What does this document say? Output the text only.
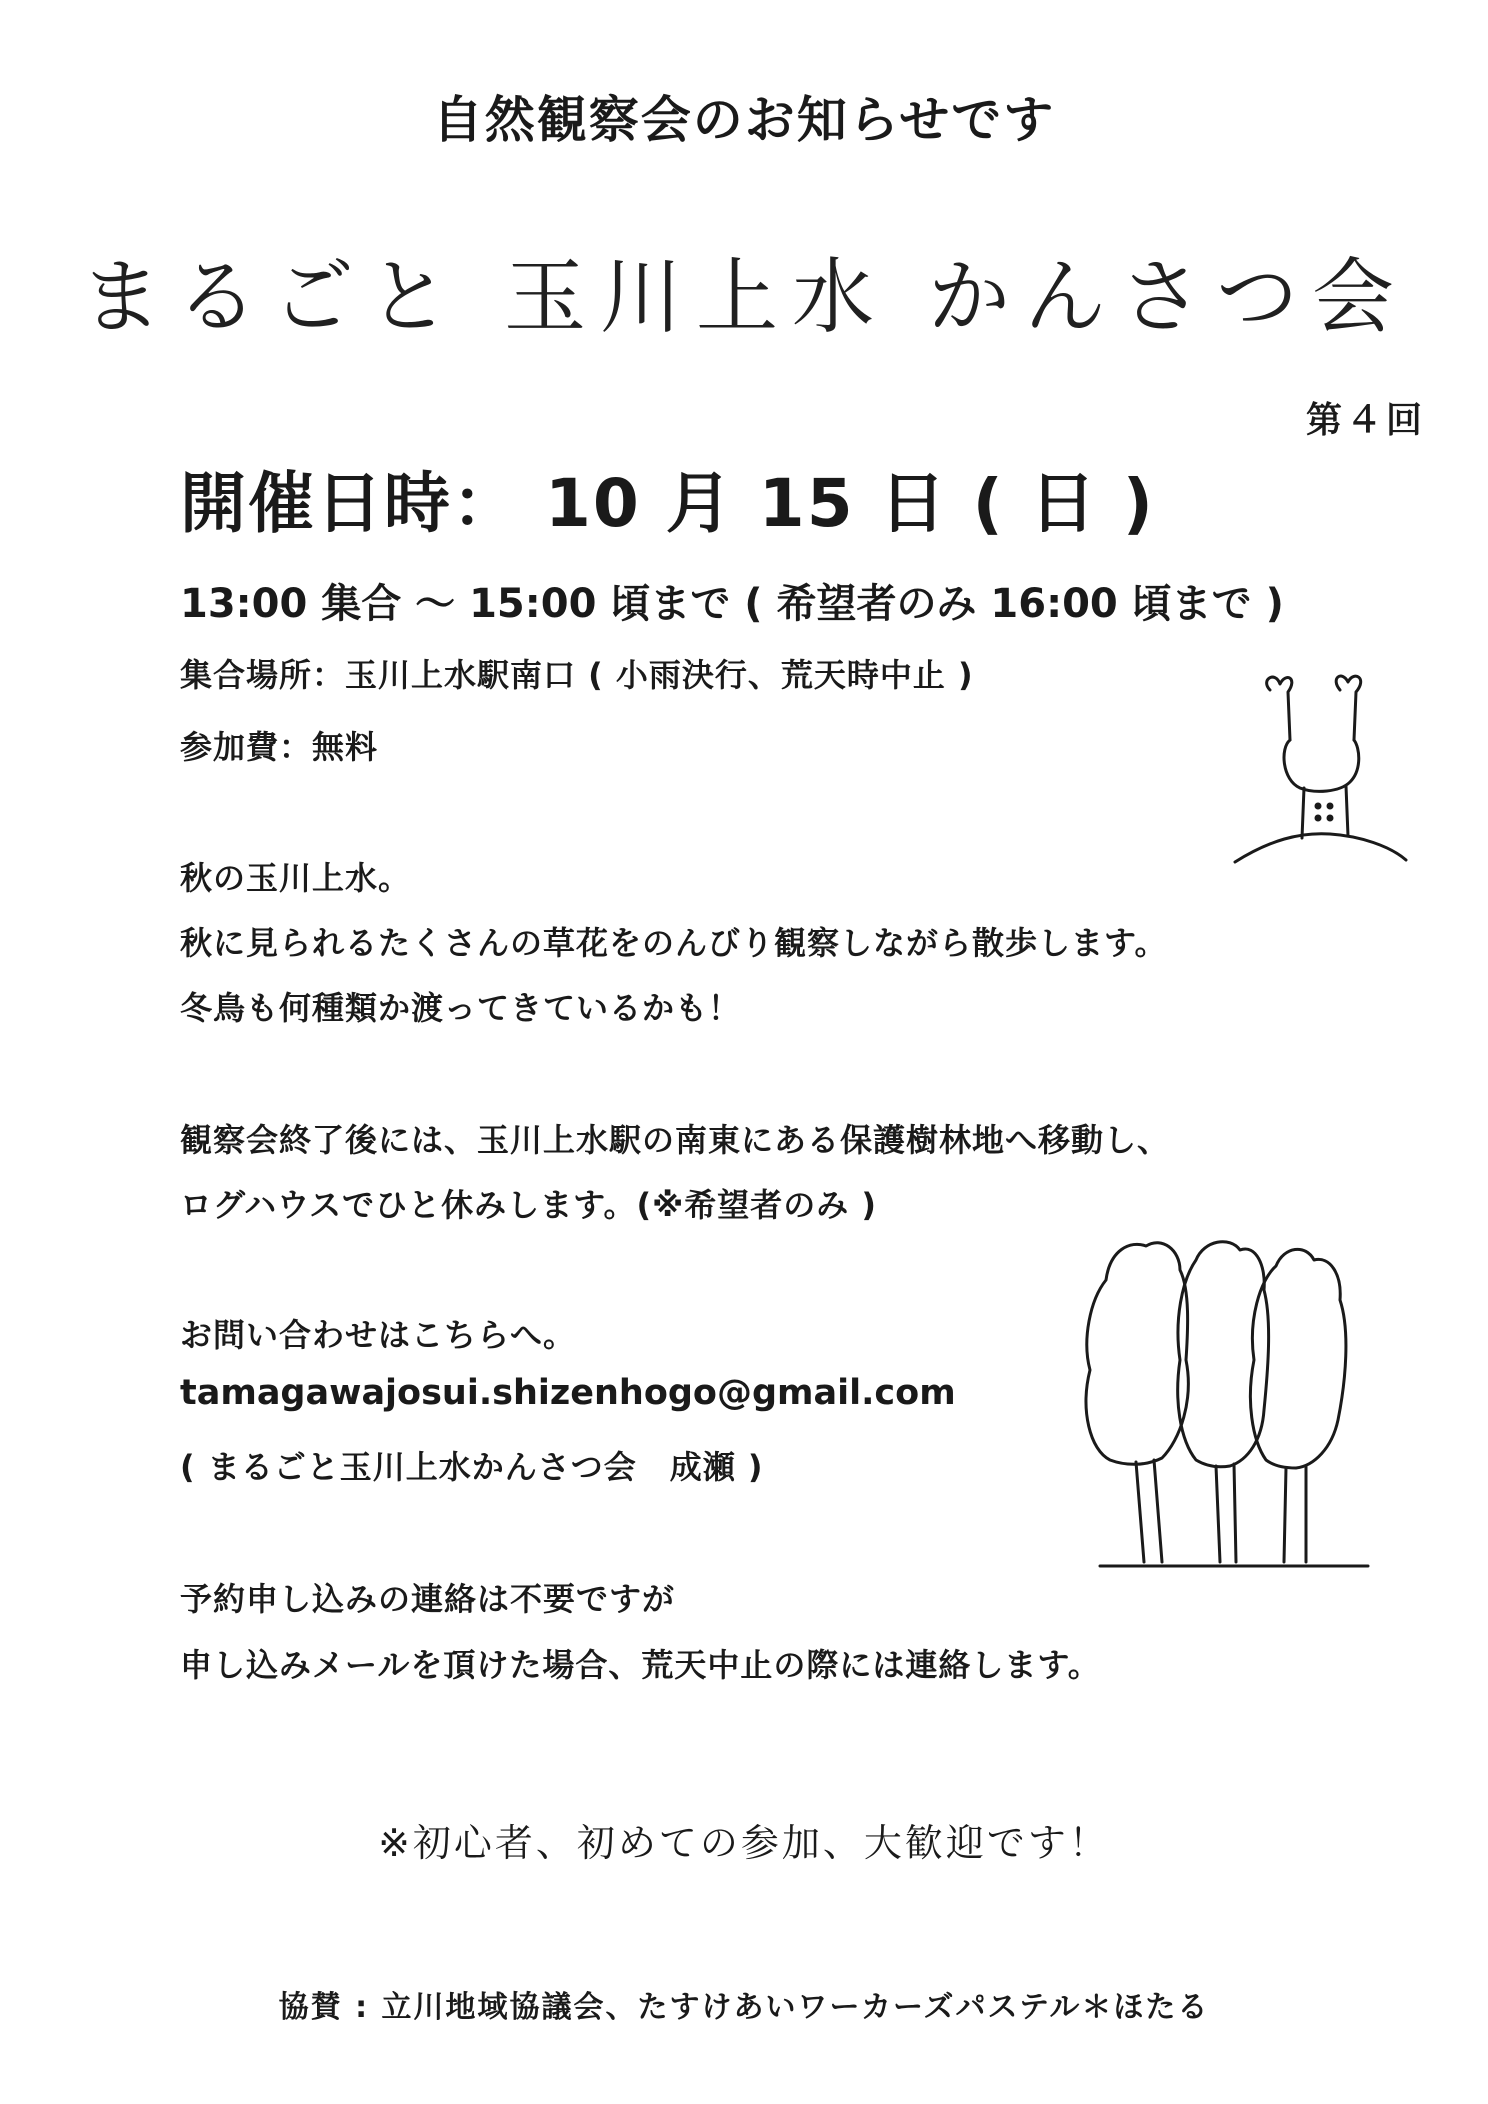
自然観察会のお知らせです
まるごと 玉川上水 かんさつ会
第４回
開催日時： 10 月 15 日 ( 日 )
13:00 集合 〜 15:00 頃まで ( 希望者のみ 16:00 頃まで )
集合場所：玉川上水駅南口 ( 小雨決行、荒天時中止 )
参加費：無料
秋の玉川上水。
秋に見られるたくさんの草花をのんびり観察しながら散歩します。
冬鳥も何種類か渡ってきているかも！
観察会終了後には、玉川上水駅の南東にある保護樹林地へ移動し、
ログハウスでひと休みします。(※希望者のみ )
お問い合わせはこちらへ。
tamagawajosui.shizenhogo@gmail.com
( まるごと玉川上水かんさつ会　成瀬 )
予約申し込みの連絡は不要ですが
申し込みメールを頂けた場合、荒天中止の際には連絡します。
※初心者、初めての参加、大歓迎です！
協賛 : 立川地域協議会、たすけあいワーカーズパステル＊ほたる
